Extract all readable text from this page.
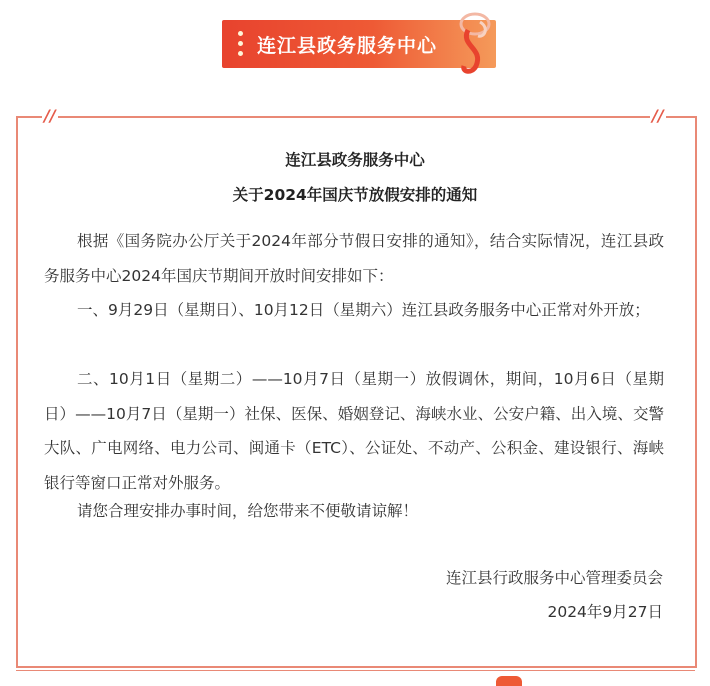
连江县政务服务中心
//	//
连江县政务服务中心
关于2024年国庆节放假安排的通知
根据《国务院办公厅关于2024年部分节假日安排的通知》，结合实际情况，连江县政务服务中心2024年国庆节期间开放时间安排如下：
一、9月29日（星期日）、10月12日（星期六）连江县政务服务中心正常对外开放；
二、10月1日（星期二）——10月7日（星期一）放假调休，期间，10月6日（星期日）——10月7日（星期一）社保、医保、婚姻登记、海峡水业、公安户籍、出入境、交警大队、广电网络、电力公司、闽通卡（ETC）、公证处、不动产、公积金、建设银行、海峡银行等窗口正常对外服务。
请您合理安排办事时间，给您带来不便敬请谅解！
连江县行政服务中心管理委员会
2024年9月27日
